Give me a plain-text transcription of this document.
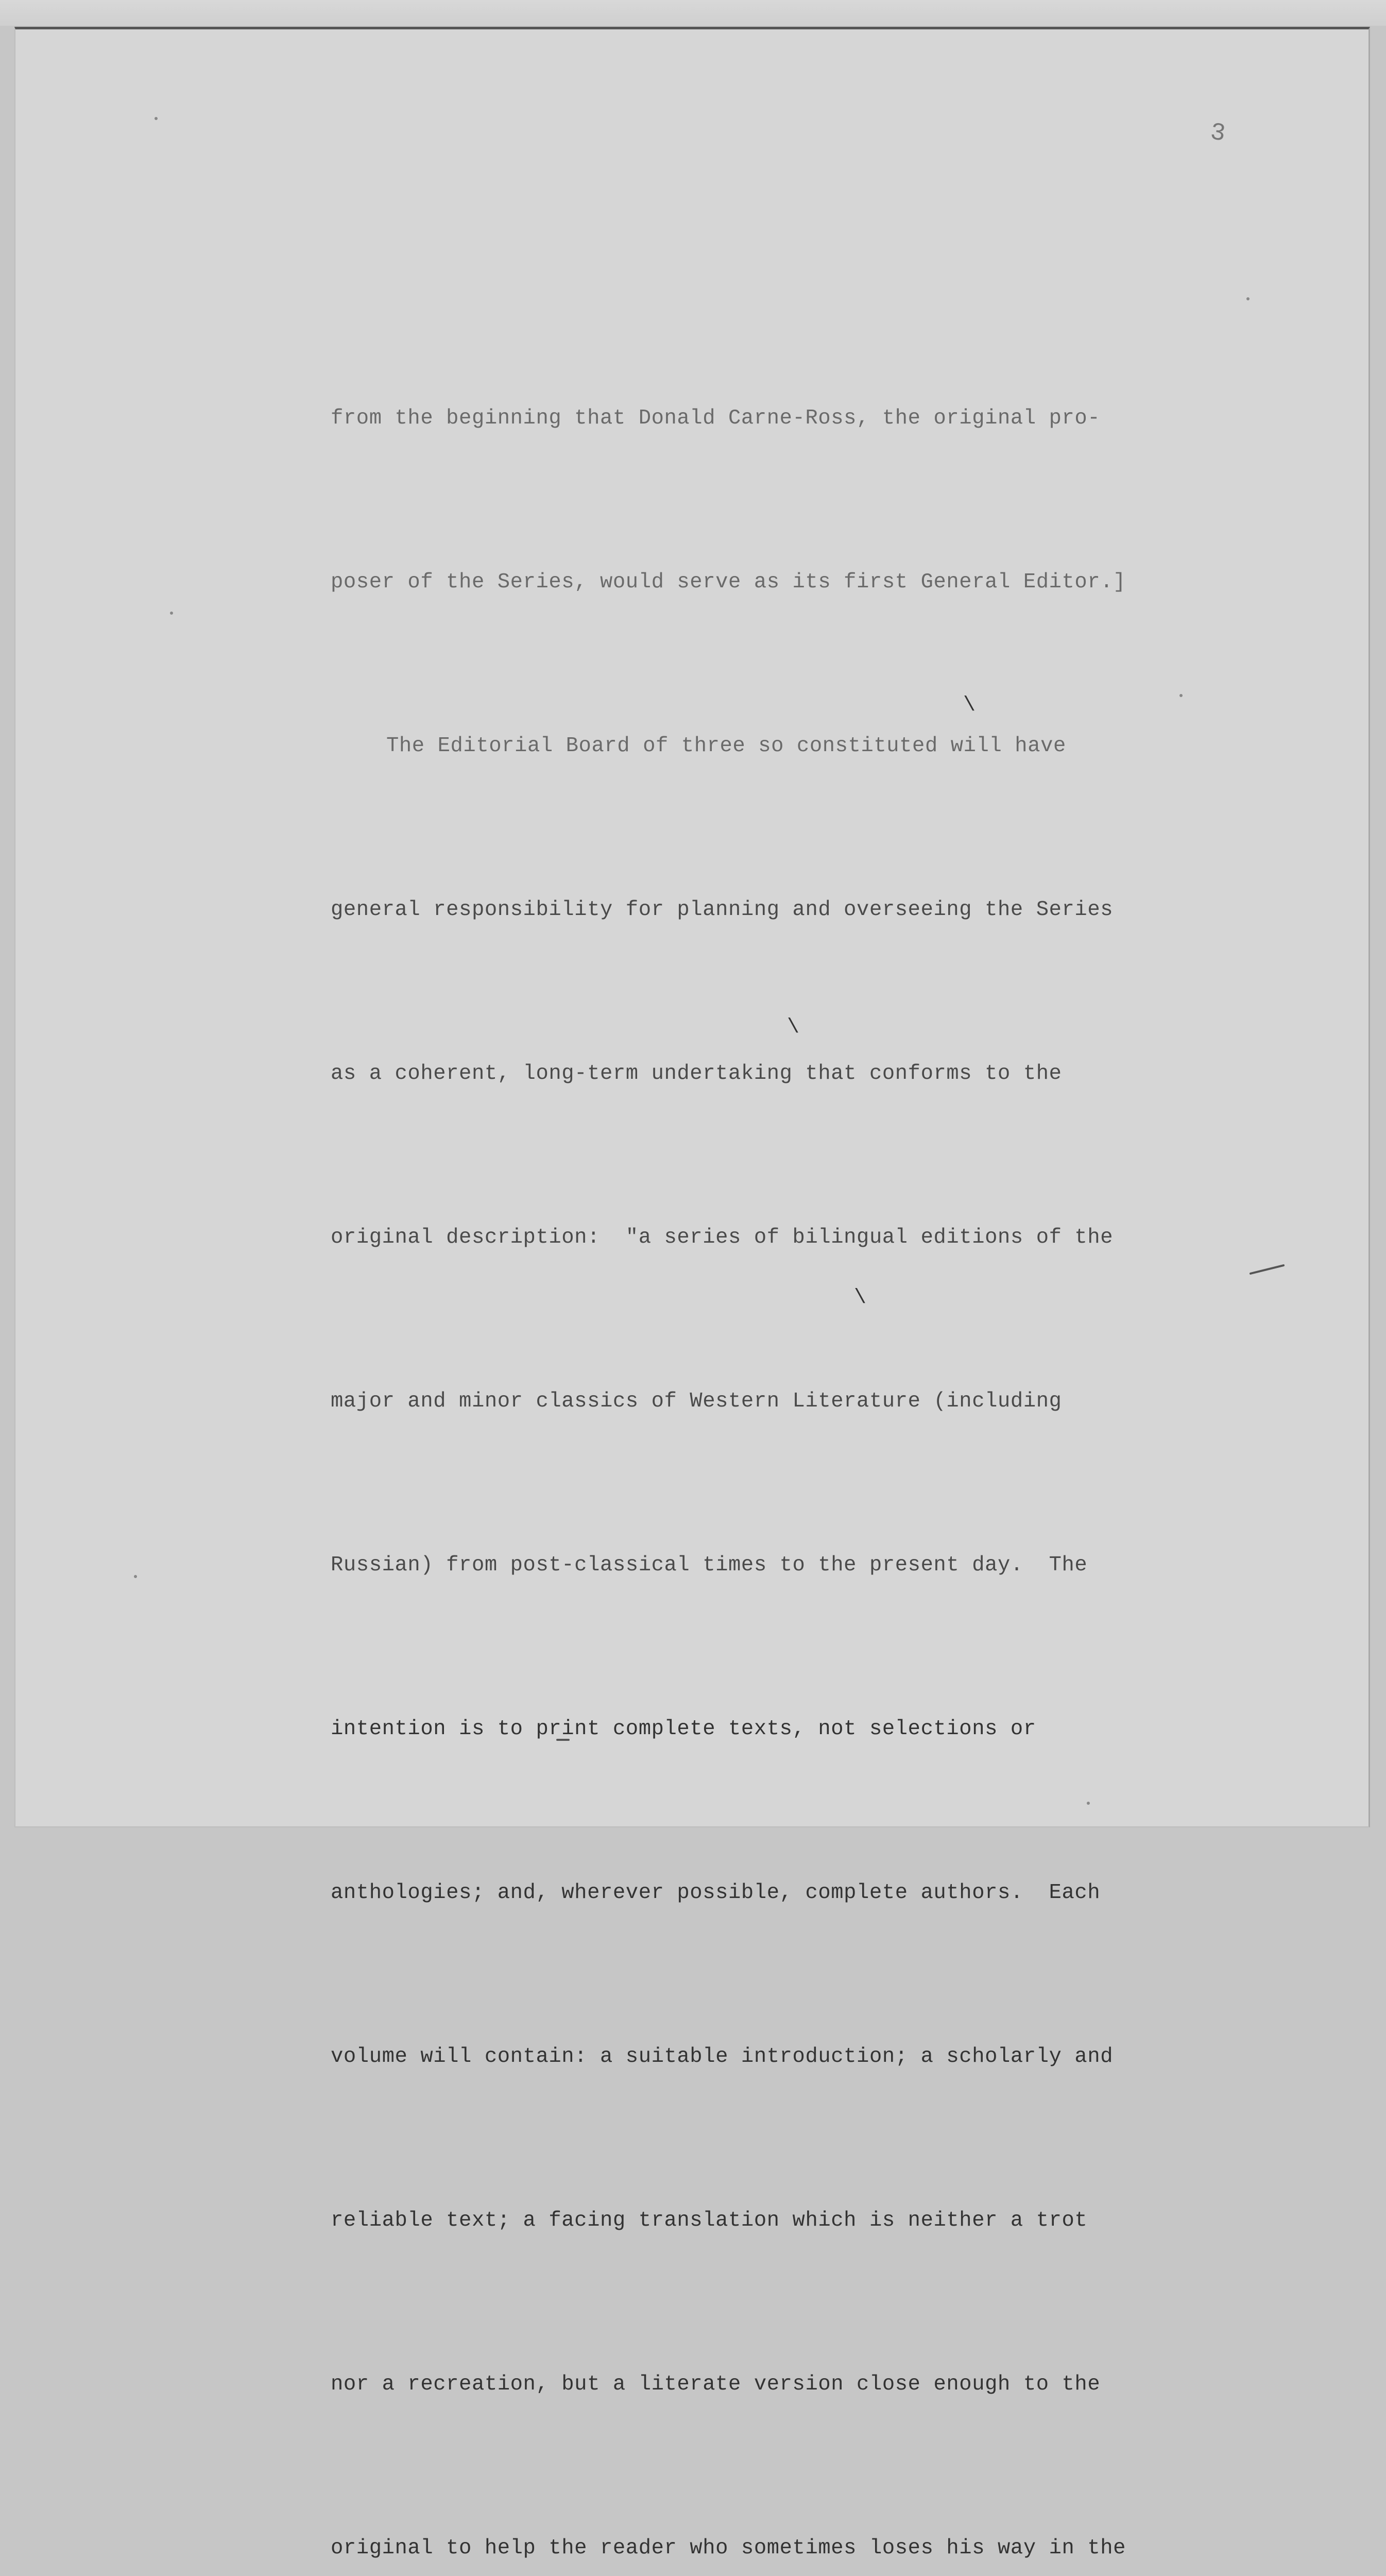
3
\
\
\

from the beginning that Donald Carne-Ross, the original pro-

poser of the Series, would serve as its first General Editor.]

The Editorial Board of three so constituted will have

general responsibility for planning and overseeing the Series

as a coherent, long-term undertaking that conforms to the

original description:  "a series of bilingual editions of the

major and minor classics of Western Literature (including

Russian) from post-classical times to the present day.  The

intention is to print complete texts, not selections or

anthologies; and, wherever possible, complete authors.  Each

volume will contain: a suitable introduction; a scholarly and

reliable text; a facing translation which is neither a trot

nor a recreation, but a literate version close enough to the

original to help the reader who sometimes loses his way in the
